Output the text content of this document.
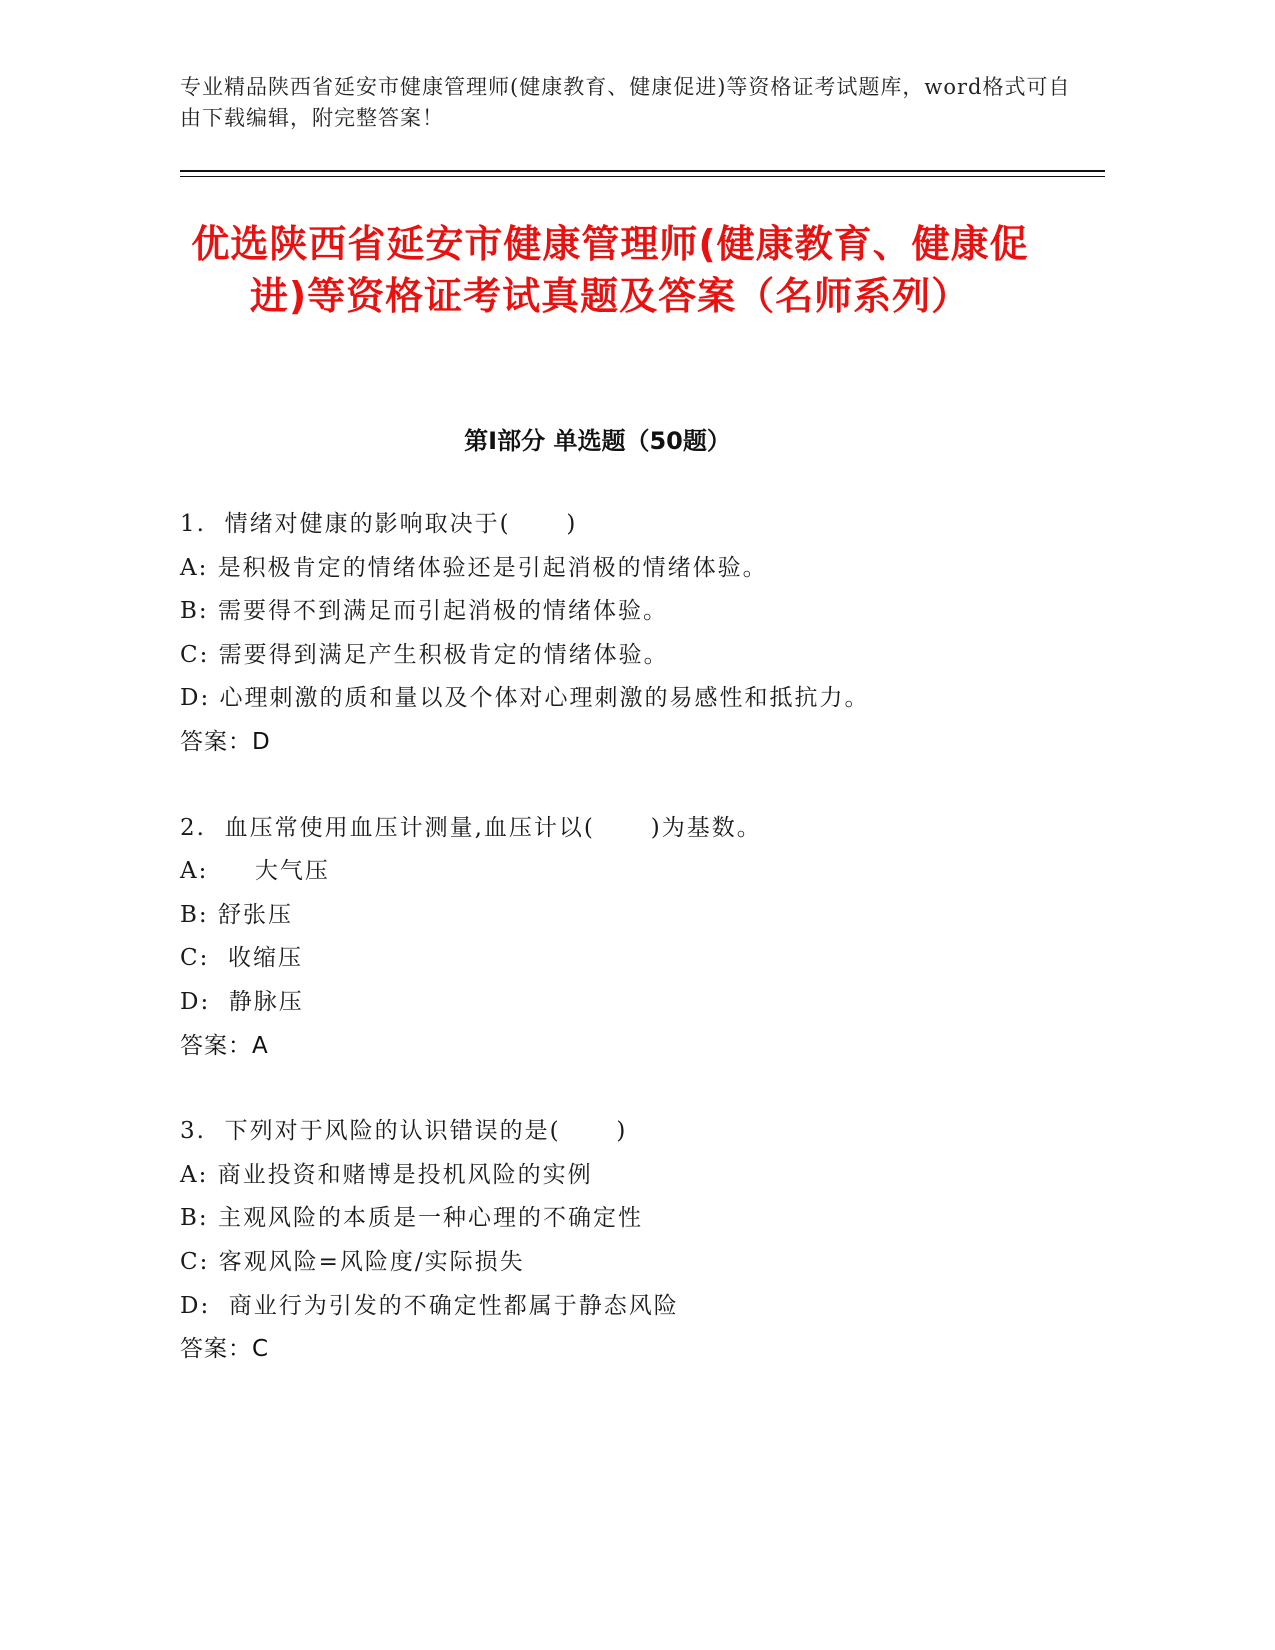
专业精品陕西省延安市健康管理师(健康教育、健康促进)等资格证考试题库，word格式可自由下载编辑，附完整答案！
优选陕西省延安市健康管理师(健康教育、健康促进)等资格证考试真题及答案（名师系列）
第Ⅰ部分 单选题（50题）
1.  情绪对健康的影响取决于(      )
A: 是积极肯定的情绪体验还是引起消极的情绪体验。
B: 需要得不到满足而引起消极的情绪体验。
C: 需要得到满足产生积极肯定的情绪体验。
D: 心理刺激的质和量以及个体对心理刺激的易感性和抵抗力。
答案：D
2.  血压常使用血压计测量,血压计以(      )为基数。
A:     大气压
B: 舒张压
C:  收缩压
D:  静脉压
答案：A
3.  下列对于风险的认识错误的是(      )
A: 商业投资和赌博是投机风险的实例
B: 主观风险的本质是一种心理的不确定性
C: 客观风险=风险度/实际损失
D:  商业行为引发的不确定性都属于静态风险
答案：C
